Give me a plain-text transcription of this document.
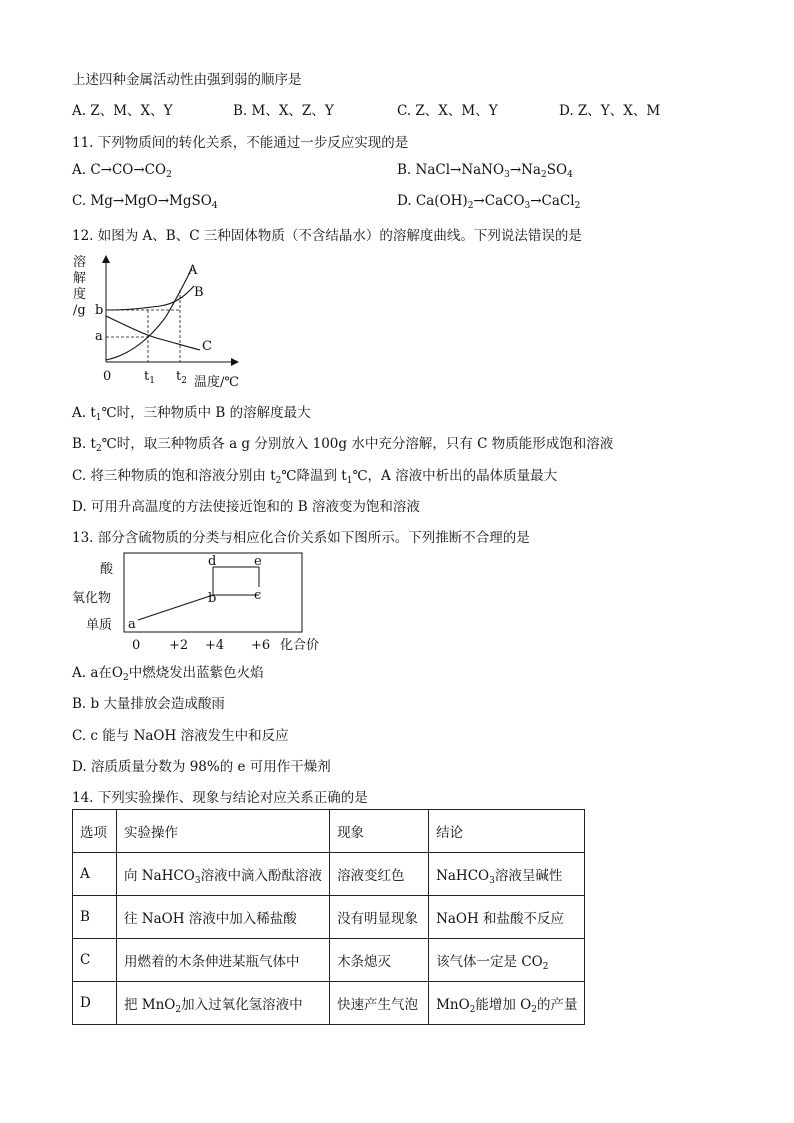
上述四种金属活动性由强到弱的顺序是
A. Z、M、X、Y	B. M、X、Z、Y	C. Z、X、M、Y	D. Z、Y、X、M
11. 下列物质间的转化关系，不能通过一步反应实现的是
A. $C\to CO\to CO_2$	B. $NaCl\to NaNO_3\to Na_2SO_4$
C. Mg→MgO→MgSO$_4$	D. $Ca(OH)_2\to CaCO_3\to CaCl_2$
12. 如图为 A、B、C 三种固体物质（不含结晶水）的溶解度曲线。下列说法错误的是
溶
解
度
/g
A
B
C
b
a
0	$t_1$ $t_2$ 温度/℃
A. $t_1℃$时，三种物质中 B 的溶解度最大
B. $t_2℃$时，取三种物质各 a g 分别放入 100g 水中充分溶解，只有 C 物质能形成饱和溶液
C. 将三种物质的饱和溶液分别由 $t_2℃$降温到 $t_1℃$，A 溶液中析出的晶体质量最大
D. 可用升高温度的方法使接近饱和的 B 溶液变为饱和溶液
13. 部分含硫物质的分类与相应化合价关系如下图所示。下列推断不合理的是
酸
氧化物
单质 a
b	c
d	e
0 +2 +4 +6 化合价
A. a在$O_2$中燃烧发出蓝紫色火焰
B. b 大量排放会造成酸雨
C. c 能与 NaOH 溶液发生中和反应
D. 溶质质量分数为 98%的 e 可用作干燥剂
14. 下列实验操作、现象与结论对应关系正确的是
选项	实验操作	现象	结论
A	向 NaHCO$_3$溶液中滴入酚酞溶液	溶液变红色	NaHCO$_3$溶液呈碱性
B	往 NaOH 溶液中加入稀盐酸	没有明显现象	NaOH 和盐酸不反应
C	用燃着的木条伸进某瓶气体中	木条熄灭	该气体一定是 $CO_2$
D	把 MnO$_2$加入过氧化氢溶液中	快速产生气泡	MnO$_2$能增加 $O_2$的产量
